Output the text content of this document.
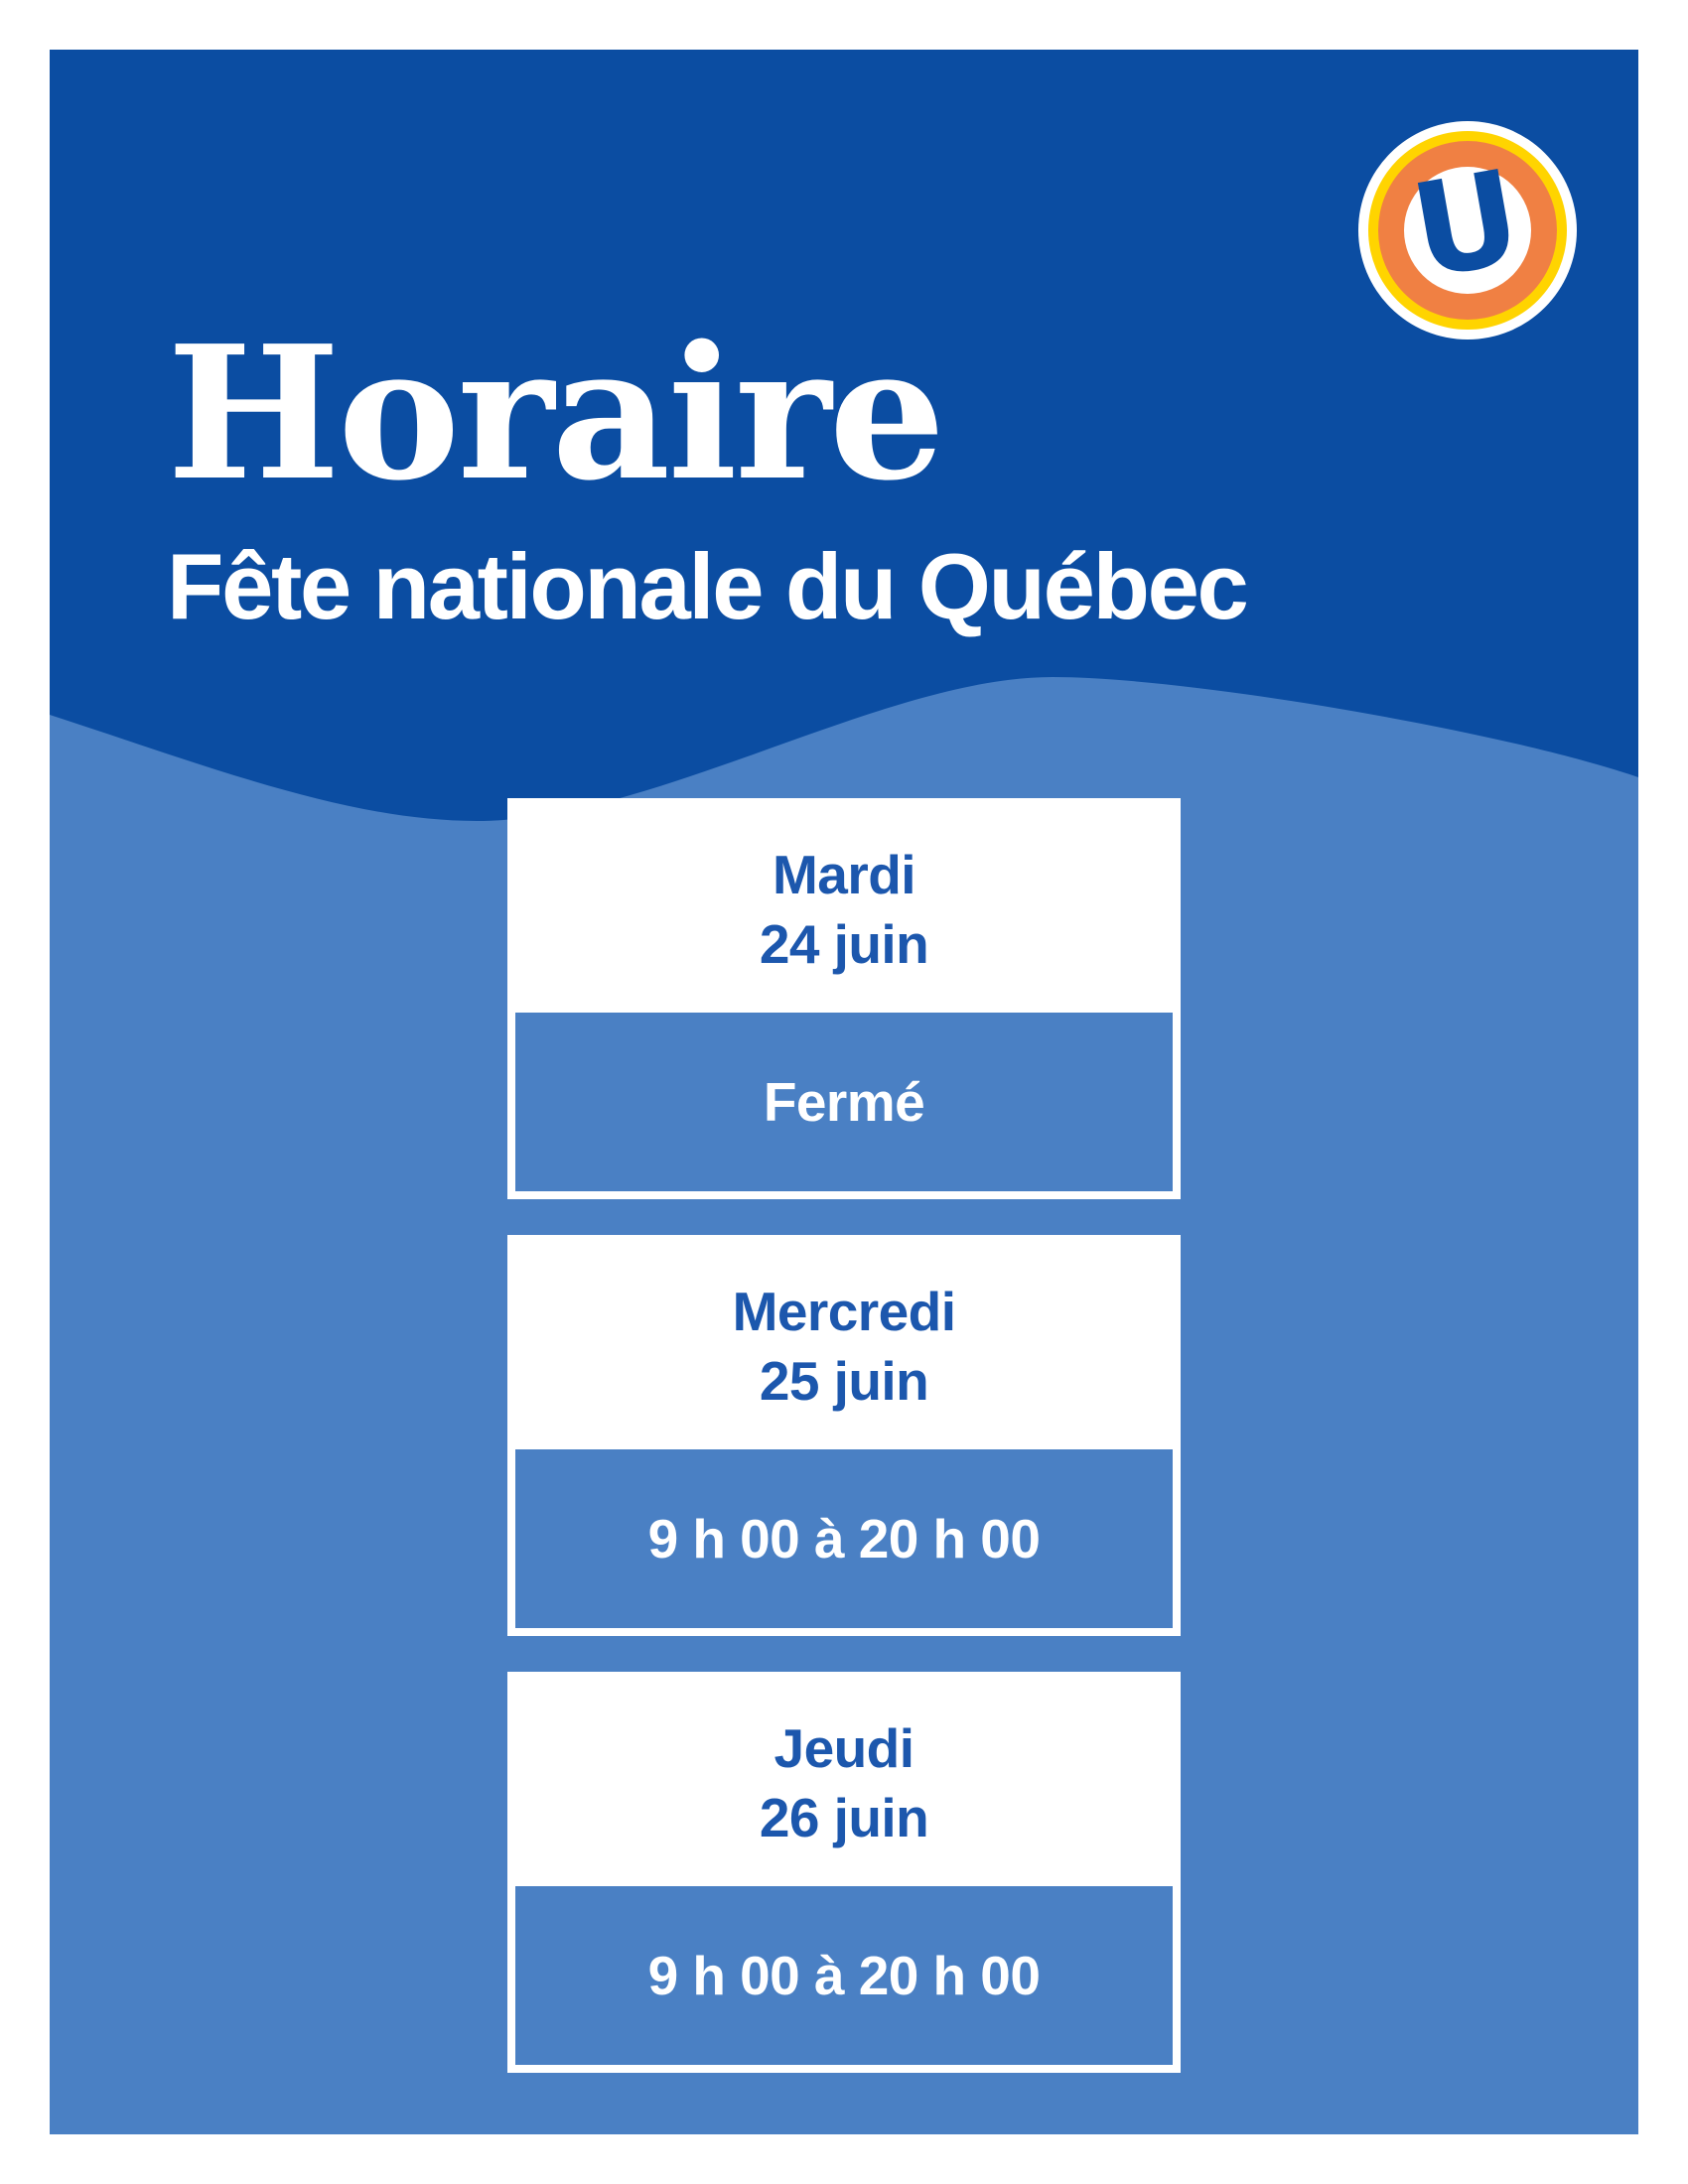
U
Horaire
Fête nationale du Québec
Mardi
24 juin
Fermé
Mercredi
25 juin
9 h 00 à 20 h 00
Jeudi
26 juin
9 h 00 à 20 h 00
